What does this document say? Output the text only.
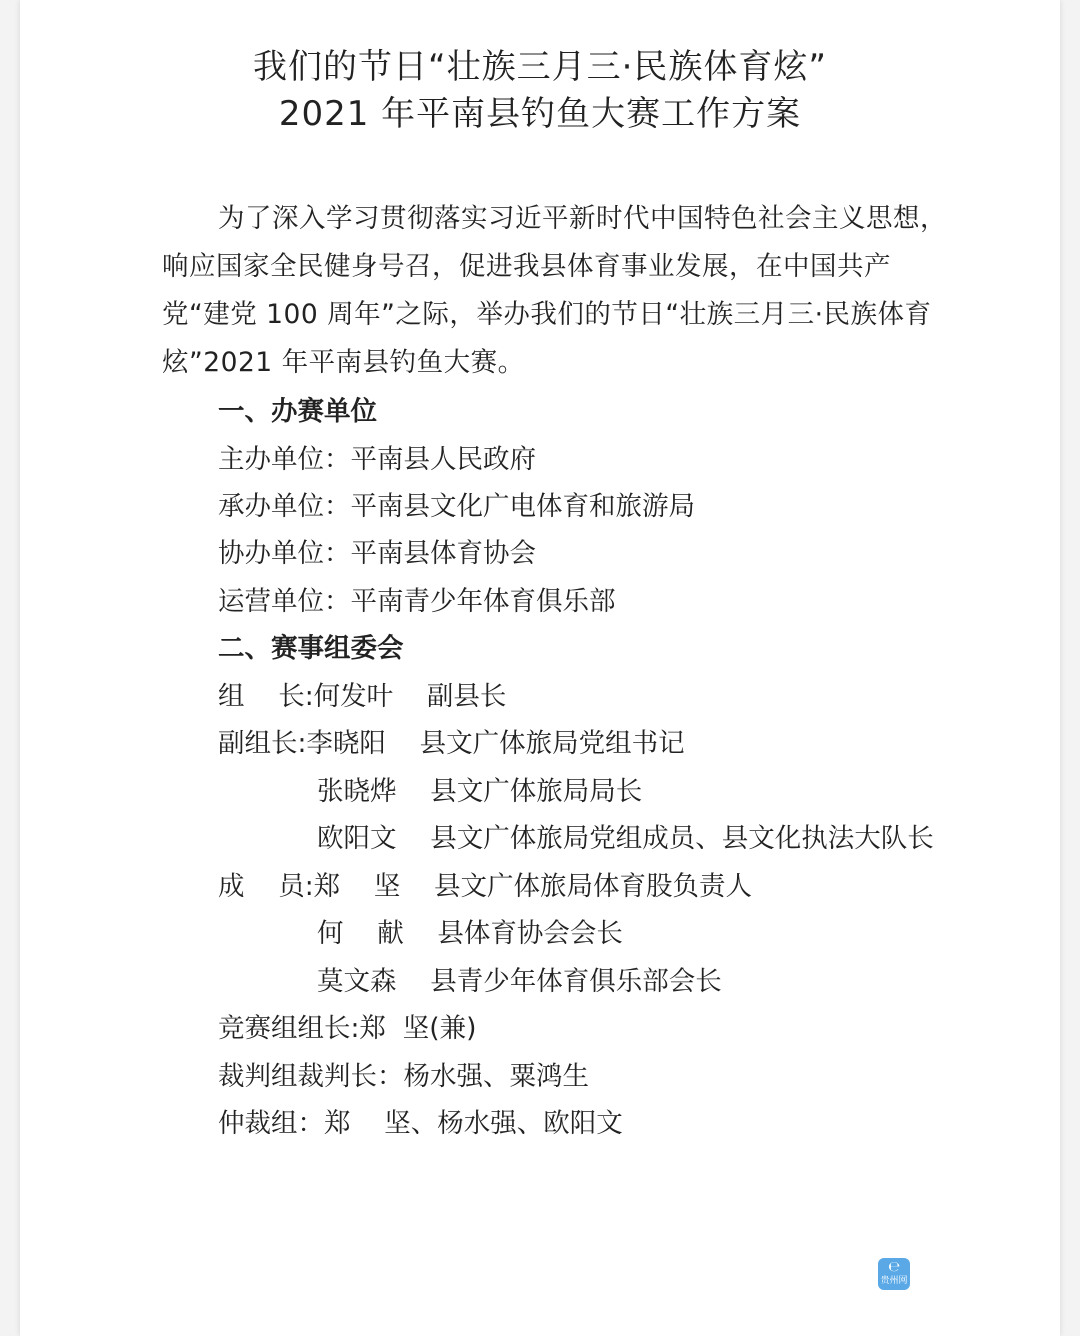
我们的节日“壮族三月三·民族体育炫”
2021 年平南县钓鱼大赛工作方案
为了深入学习贯彻落实习近平新时代中国特色社会主义思想，响应国家全民健身号召，促进我县体育事业发展，在中国共产党“建党 100 周年”之际，举办我们的节日“壮族三月三·民族体育炫”2021 年平南县钓鱼大赛。
一、办赛单位
主办单位：平南县人民政府
承办单位：平南县文化广电体育和旅游局
协办单位：平南县体育协会
运营单位：平南青少年体育俱乐部
二、赛事组委会
组    长:何发叶    副县长
副组长:李晓阳    县文广体旅局党组书记
张晓烨    县文广体旅局局长
欧阳文    县文广体旅局党组成员、县文化执法大队长
成    员:郑    坚    县文广体旅局体育股负责人
何    献    县体育协会会长
莫文森    县青少年体育俱乐部会长
竞赛组组长:郑  坚(兼)
裁判组裁判长：杨水强、粟鸿生
仲裁组：郑    坚、杨水强、欧阳文
℮
贵州网
